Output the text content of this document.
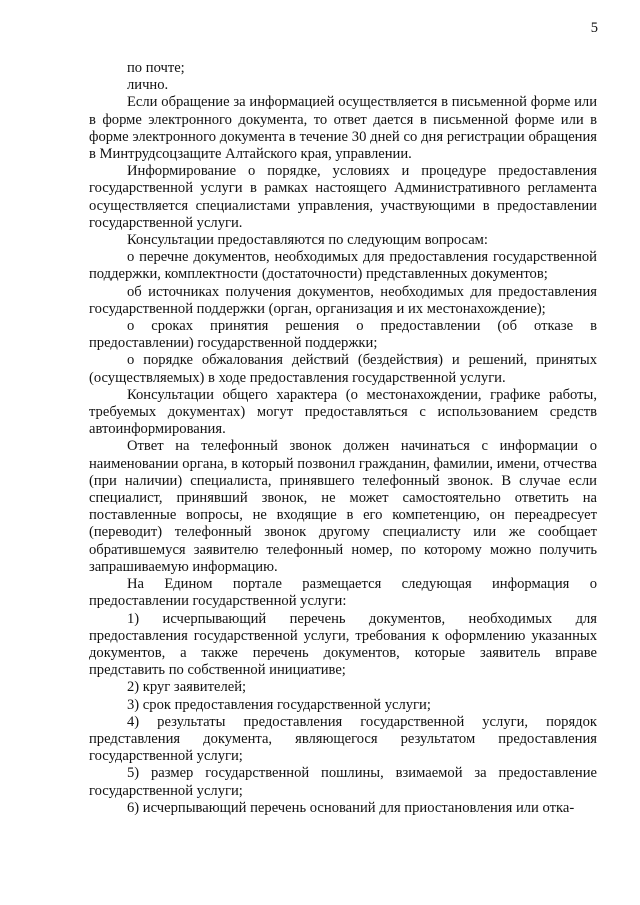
5

по почте;

лично.

Если обращение за информацией осуществляется в письменной форме или в форме электронного документа, то ответ дается в письменной форме или в форме электронного документа в течение 30 дней со дня регистрации обращения в Минтрудсоцзащите Алтайского края, управлении.

Информирование о порядке, условиях и процедуре предоставления государственной услуги в рамках настоящего Административного регламента осуществляется специалистами управления, участвующими в предоставлении государственной услуги.

Консультации предоставляются по следующим вопросам:

о перечне документов, необходимых для предоставления государственной поддержки, комплектности (достаточности) представленных документов;

об источниках получения документов, необходимых для предоставления государственной поддержки (орган, организация и их местонахождение);

о сроках принятия решения о предоставлении (об отказе в предоставлении) государственной поддержки;

о порядке обжалования действий (бездействия) и решений, принятых (осуществляемых) в ходе предоставления государственной услуги.

Консультации общего характера (о местонахождении, графике работы, требуемых документах) могут предоставляться с использованием средств автоинформирования.

Ответ на телефонный звонок должен начинаться с информации о наименовании органа, в который позвонил гражданин, фамилии, имени, отчества (при наличии) специалиста, принявшего телефонный звонок. В случае если специалист, принявший звонок, не может самостоятельно ответить на поставленные вопросы, не входящие в его компетенцию, он переадресует (переводит) телефонный звонок другому специалисту или же сообщает обратившемуся заявителю телефонный номер, по которому можно получить запрашиваемую информацию.

На Едином портале размещается следующая информация о предоставлении государственной услуги:

1) исчерпывающий перечень документов, необходимых для предоставления государственной услуги, требования к оформлению указанных документов, а также перечень документов, которые заявитель вправе представить по собственной инициативе;

2) круг заявителей;

3) срок предоставления государственной услуги;

4) результаты предоставления государственной услуги, порядок представления документа, являющегося результатом предоставления государственной услуги;

5) размер государственной пошлины, взимаемой за предоставление государственной услуги;

6) исчерпывающий перечень оснований для приостановления или отка-
